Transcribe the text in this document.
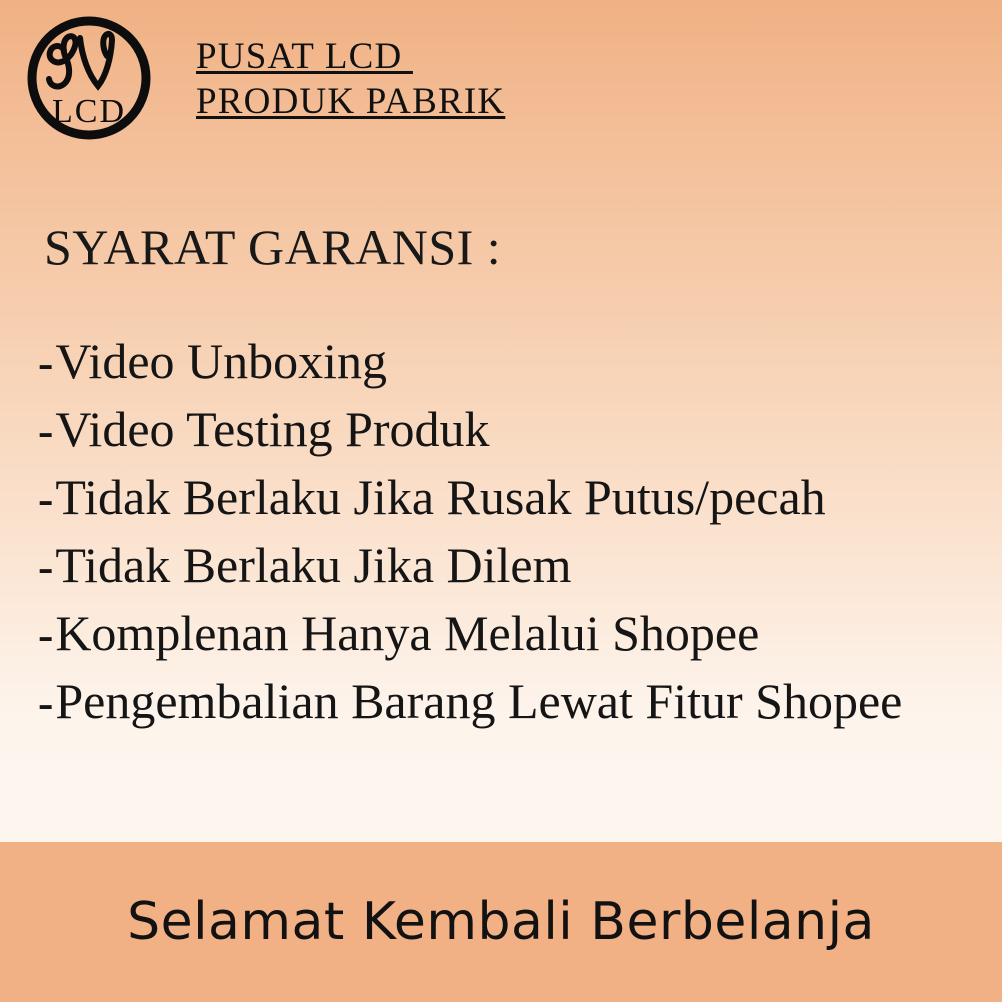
LCD
PUSAT LCD
PRODUK PABRIK
SYARAT GARANSI :
- Video Unboxing
- Video Testing Produk
- Tidak Berlaku Jika Rusak Putus/pecah
- Tidak Berlaku Jika Dilem
- Komplenan Hanya Melalui Shopee
- Pengembalian Barang Lewat Fitur Shopee
Selamat Kembali Berbelanja
